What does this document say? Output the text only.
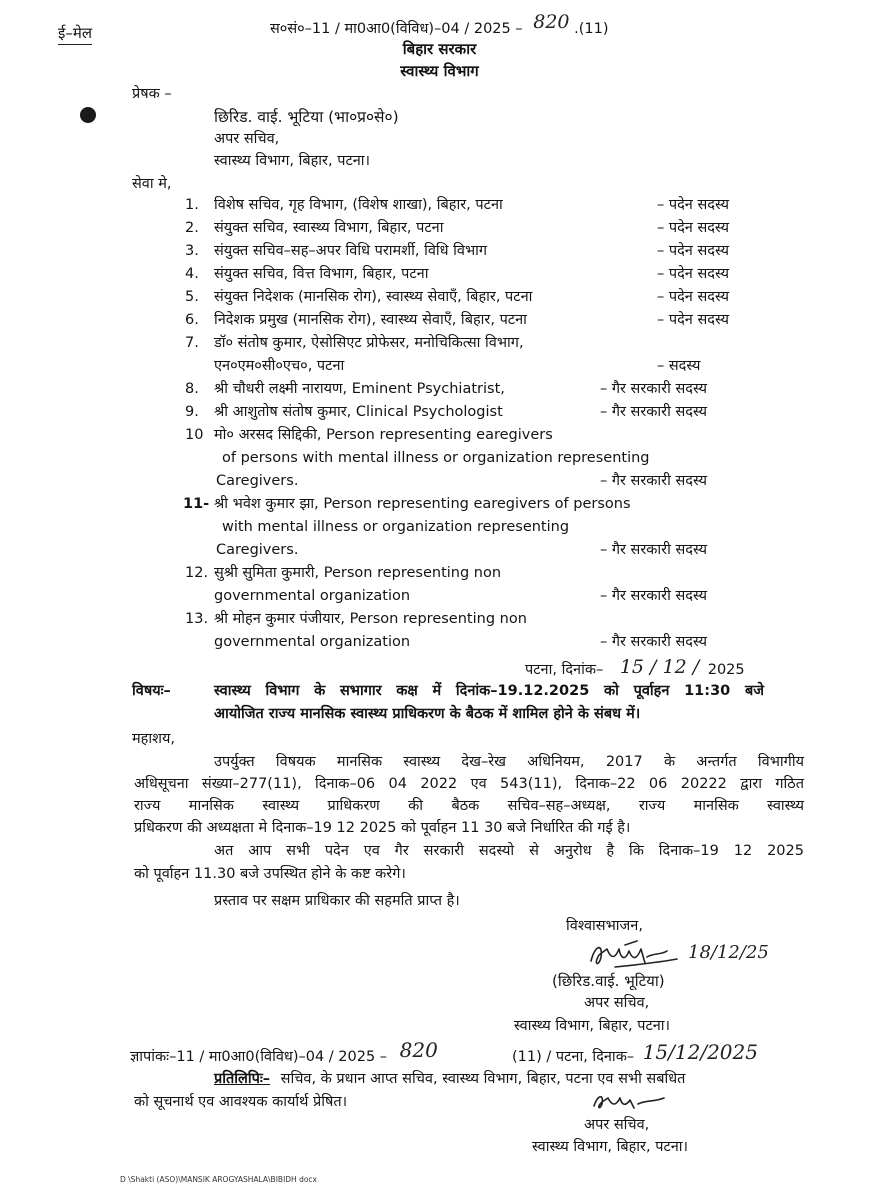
ई–मेल	स०सं०–11 / मा0आ0(विविध)–04 / 2025 – 820 .(11)
बिहार सरकार
स्वास्थ्य विभाग
प्रेषक –
छिरिड. वाई. भूटिया (भा०प्र०से०)
अपर सचिव,
स्वास्थ्य विभाग, बिहार, पटना।
सेवा मे,
1. विशेष सचिव, गृह विभाग, (विशेष शाखा), बिहार, पटना	– पदेन सदस्य
2. संयुक्त सचिव, स्वास्थ्य विभाग, बिहार, पटना	– पदेन सदस्य
3. संयुक्त सचिव–सह–अपर विधि परामर्शी, विधि विभाग	– पदेन सदस्य
4. संयुक्त सचिव, वित्त विभाग, बिहार, पटना	– पदेन सदस्य
5. संयुक्त निदेशक (मानसिक रोग), स्वास्थ्य सेवाएँ, बिहार, पटना	– पदेन सदस्य
6. निदेशक प्रमुख (मानसिक रोग), स्वास्थ्य सेवाएँ, बिहार, पटना	– पदेन सदस्य
7. डॉ० संतोष कुमार, ऐसोसिएट प्रोफेसर, मनोचिकित्सा विभाग,
एन०एम०सी०एच०, पटना	– सदस्य
8. श्री चौधरी लक्ष्मी नारायण, Eminent Psychiatrist,	– गैर सरकारी सदस्य
9. श्री आशुतोष संतोष कुमार, Clinical Psychologist	– गैर सरकारी सदस्य
10 मो० अरसद सिद्दिकी, Person representing earegivers
of persons with mental illness or organization representing
Caregivers.	– गैर सरकारी सदस्य
11- श्री भवेश कुमार झा, Person representing earegivers of persons
with mental illness or organization representing
Caregivers.	– गैर सरकारी सदस्य
12. सुश्री सुमिता कुमारी, Person representing non
governmental organization	– गैर सरकारी सदस्य
13. श्री मोहन कुमार पंजीयार, Person representing non
governmental organization	– गैर सरकारी सदस्य
पटना, दिनांक– 15 / 12 / 2025
विषयः–	स्वास्थ्य विभाग के सभागार कक्ष में दिनांक–19.12.2025 को पूर्वाहन 11:30 बजे
आयोजित राज्य मानसिक स्वास्थ्य प्राधिकरण के बैठक में शामिल होने के संबध में।
महाशय,
उपर्युक्त विषयक मानसिक स्वास्थ्य देख–रेख अधिनियम, 2017 के अन्तर्गत विभागीय
अधिसूचना संख्या–277(11), दिनाक–06 04 2022 एव 543(11), दिनाक–22 06 20222 द्वारा गठित
राज्य मानसिक स्वास्थ्य प्राधिकरण की बैठक सचिव–सह–अध्यक्ष, राज्य मानसिक स्वास्थ्य
प्रधिकरण की अध्यक्षता मे दिनाक–19 12 2025 को पूर्वाहन 11 30 बजे निर्धारित की गई है।
अत आप सभी पदेन एव गैर सरकारी सदस्यो से अनुरोध है कि दिनाक–19 12 2025
को पूर्वाहन 11.30 बजे उपस्थित होने के कष्ट करेगे।
प्रस्ताव पर सक्षम प्राधिकार की सहमति प्राप्त है।
विश्वासभाजन,
18/12/25
(छिरिड.वाई. भूटिया)
अपर सचिव,
स्वास्थ्य विभाग, बिहार, पटना।
ज्ञापांकः–11 / मा0आ0(विविध)–04 / 2025 – 820	(11) / पटना, दिनाक– 15/12/2025
प्रतिलिपिः– सचिव, के प्रधान आप्त सचिव, स्वास्थ्य विभाग, बिहार, पटना एव सभी सबधित
को सूचनार्थ एव आवश्यक कार्यार्थ प्रेषित।
अपर सचिव,
स्वास्थ्य विभाग, बिहार, पटना।
D \Shakti (ASO)\MANSIK AROGYASHALA\BIBIDH docx
